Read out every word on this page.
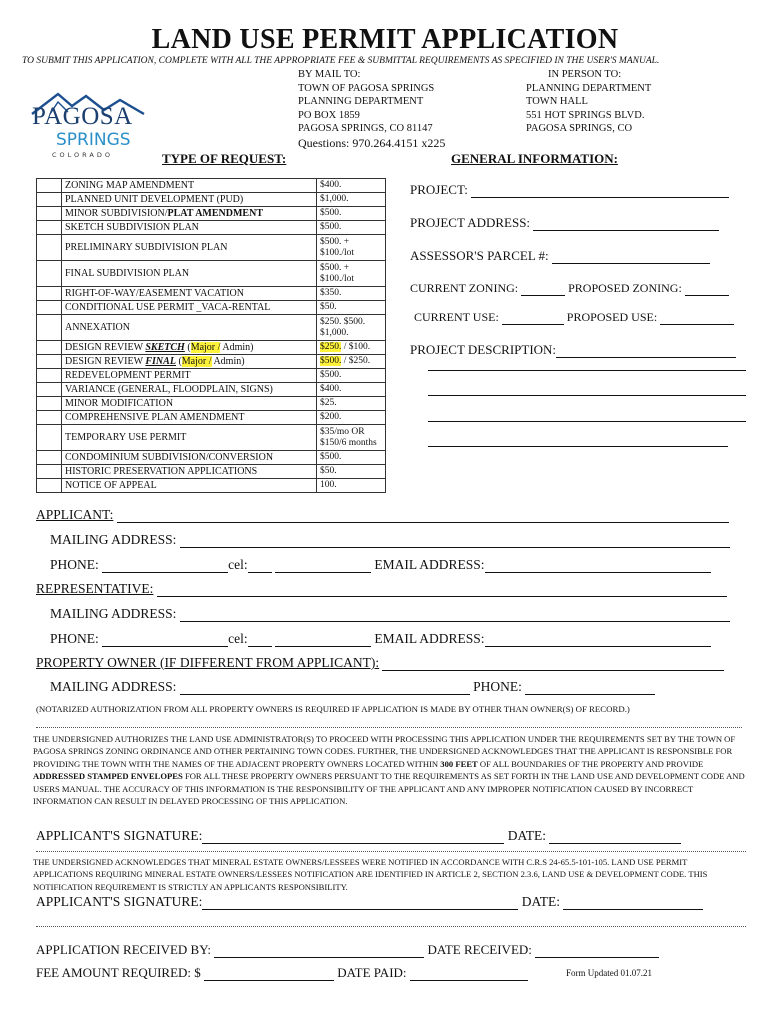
LAND USE PERMIT APPLICATION
TO SUBMIT THIS APPLICATION, COMPLETE WITH ALL THE APPROPRIATE FEE & SUBMITTAL REQUIREMENTS AS SPECIFIED IN THE USER'S MANUAL.
PAGOSA
SPRINGS
COLORADO
BY MAIL TO:
TOWN OF PAGOSA SPRINGS
PLANNING DEPARTMENT
PO BOX 1859
PAGOSA SPRINGS, CO 81147
Questions: 970.264.4151 x225
IN PERSON TO:
PLANNING DEPARTMENT
TOWN HALL
551 HOT SPRINGS BLVD.
PAGOSA SPRINGS, CO
TYPE OF REQUEST:	GENERAL INFORMATION:
	ZONING MAP AMENDMENT	$400.
	PLANNED UNIT DEVELOPMENT (PUD)	$1,000.
	MINOR SUBDIVISION/PLAT AMENDMENT	$500.
	SKETCH SUBDIVISION PLAN	$500.
	PRELIMINARY SUBDIVISION PLAN	$500. + $100./lot
	FINAL SUBDIVISION PLAN	$500. + $100./lot
	RIGHT-OF-WAY/EASEMENT VACATION	$350.
	CONDITIONAL USE PERMIT _VACA-RENTAL	$50.
	ANNEXATION	$250. $500. $1,000.
	DESIGN REVIEW SKETCH (Major / Admin)	$250. / $100.
	DESIGN REVIEW FINAL (Major / Admin)	$500. / $250.
	REDEVELOPMENT PERMIT	$500.
	VARIANCE (GENERAL, FLOODPLAIN, SIGNS)	$400.
	MINOR MODIFICATION	$25.
	COMPREHENSIVE PLAN AMENDMENT	$200.
	TEMPORARY USE PERMIT	$35/mo OR $150/6 months
	CONDOMINIUM SUBDIVISION/CONVERSION	$500.
	HISTORIC PRESERVATION APPLICATIONS	$50.
	NOTICE OF APPEAL	100.
PROJECT:
PROJECT ADDRESS:
ASSESSOR'S PARCEL #:
CURRENT ZONING:	PROPOSED ZONING:
CURRENT USE:	PROPOSED USE:
PROJECT DESCRIPTION:
APPLICANT:
MAILING ADDRESS:
PHONE:	cel:	EMAIL ADDRESS:
REPRESENTATIVE:
MAILING ADDRESS:
PHONE:	cel:	EMAIL ADDRESS:
PROPERTY OWNER (IF DIFFERENT FROM APPLICANT):
MAILING ADDRESS:	PHONE:
(NOTARIZED AUTHORIZATION FROM ALL PROPERTY OWNERS IS REQUIRED IF APPLICATION IS MADE BY OTHER THAN OWNER(S) OF RECORD.)
THE UNDERSIGNED AUTHORIZES THE LAND USE ADMINISTRATOR(S) TO PROCEED WITH PROCESSING THIS APPLICATION UNDER THE REQUIREMENTS SET BY THE TOWN OF PAGOSA SPRINGS ZONING ORDINANCE AND OTHER PERTAINING TOWN CODES. FURTHER, THE UNDERSIGNED ACKNOWLEDGES THAT THE APPLICANT IS RESPONSIBLE FOR PROVIDING THE TOWN WITH THE NAMES OF THE ADJACENT PROPERTY OWNERS LOCATED WITHIN 300 FEET OF ALL BOUNDARIES OF THE PROPERTY AND PROVIDE ADDRESSED STAMPED ENVELOPES FOR ALL THESE PROPERTY OWNERS PERSUANT TO THE REQUIREMENTS AS SET FORTH IN THE LAND USE AND DEVELOPMENT CODE AND USERS MANUAL. THE ACCURACY OF THIS INFORMATION IS THE RESPONSIBILITY OF THE APPLICANT AND ANY IMPROPER NOTIFICATION CAUSED BY INCORRECT INFORMATION CAN RESULT IN DELAYED PROCESSING OF THIS APPLICATION.
APPLICANT'S SIGNATURE:	DATE:
THE UNDERSIGNED ACKNOWLEDGES THAT MINERAL ESTATE OWNERS/LESSEES WERE NOTIFIED IN ACCORDANCE WITH C.R.S 24-65.5-101-105. LAND USE PERMIT APPLICATIONS REQUIRING MINERAL ESTATE OWNERS/LESSEES NOTIFICATION ARE IDENTIFIED IN ARTICLE 2, SECTION 2.3.6, LAND USE & DEVELOPMENT CODE. THIS NOTIFICATION REQUIREMENT IS STRICTLY AN APPLICANTS RESPONSIBILITY.
APPLICANT'S SIGNATURE:	DATE:
APPLICATION RECEIVED BY:	DATE RECEIVED:
FEE AMOUNT REQUIRED: $	DATE PAID:	Form Updated 01.07.21
